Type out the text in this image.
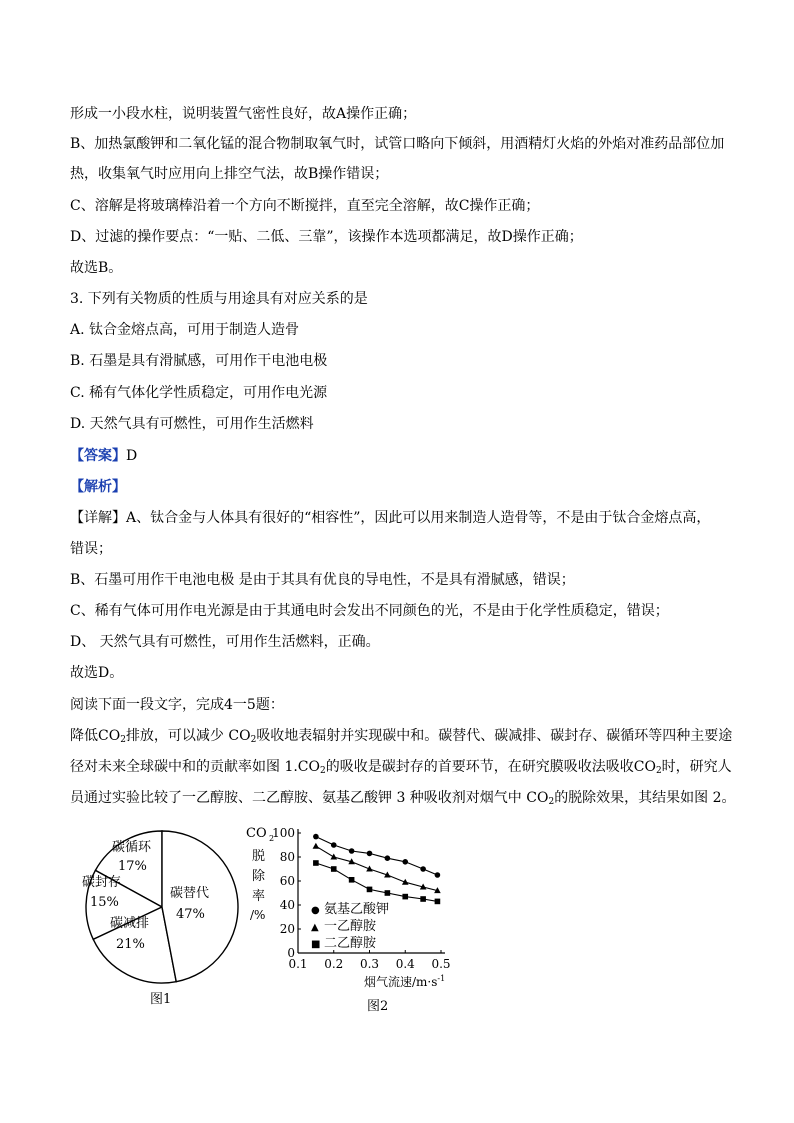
形成一小段水柱，说明装置气密性良好，故A操作正确；
B、加热氯酸钾和二氧化锰的混合物制取氧气时，试管口略向下倾斜，用酒精灯火焰的外焰对准药品部位加
热，收集氧气时应用向上排空气法，故B操作错误；
C、溶解是将玻璃棒沿着一个方向不断搅拌，直至完全溶解，故C操作正确；
D、过滤的操作要点：“一贴、二低、三靠”，该操作本选项都满足，故D操作正确；
故选B。
3. 下列有关物质的性质与用途具有对应关系的是
A. 钛合金熔点高，可用于制造人造骨
B. 石墨是具有滑腻感，可用作干电池电极
C. 稀有气体化学性质稳定，可用作电光源
D. 天然气具有可燃性，可用作生活燃料
【答案】D
【解析】
【详解】A、钛合金与人体具有很好的“相容性”，因此可以用来制造人造骨等，不是由于钛合金熔点高，
错误；
B、石墨可用作干电池电极 是由于其具有优良的导电性，不是具有滑腻感，错误；
C、稀有气体可用作电光源是由于其通电时会发出不同颜色的光，不是由于化学性质稳定，错误；
D、 天然气具有可燃性，可用作生活燃料，正确。
故选D。
阅读下面一段文字，完成4一5题：
降低$CO_2$排放，可以减少 $CO_2$吸收地表辐射并实现碳中和。碳替代、碳减排、碳封存、碳循环等四种主要途
径对未来全球碳中和的贡献率如图 $1.CO_2$的吸收是碳封存的首要环节，在研究膜吸收法吸收$CO_2$时，研究人
员通过实验比较了一乙醇胺、二乙醇胺、氨基乙酸钾 3 种吸收剂对烟气中 $CO_2$的脱除效果，其结果如图 2。
碳循环
17%
碳封存
15%
碳减排
21%
碳替代
47%
图1
CO 2
脱
除
率
/%
0
20
40
60
80
100
0.1 0.2 0.3 0.4 0.5
● 氨基乙酸钾
▲ 一乙醇胺
■ 二乙醇胺
烟气流速$/m\cdot s^{-1}$
图2
